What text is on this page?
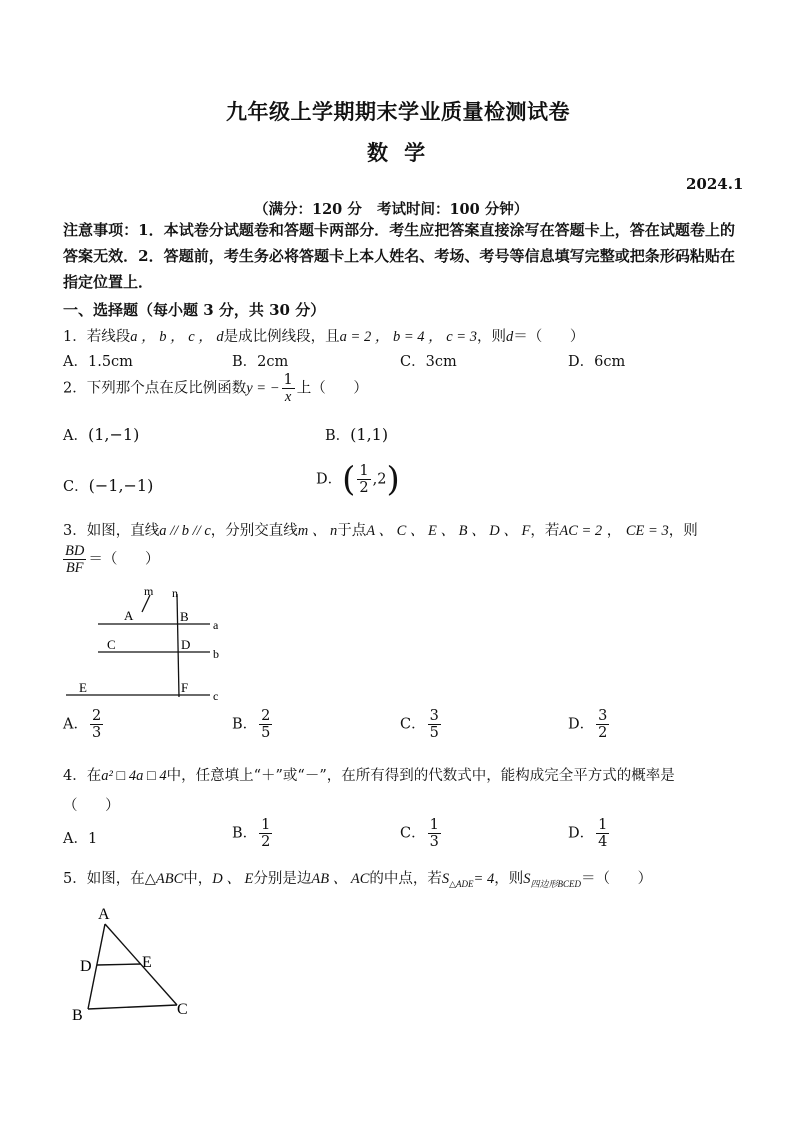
九年级上学期期末学业质量检测试卷
数  学
2024.1
（满分：120 分   考试时间：100 分钟）
注意事项：1．本试卷分试题卷和答题卡两部分．考生应把答案直接涂写在答题卡上，答在试题卷上的答案无效．2．答题前，考生务必将答题卡上本人姓名、考场、考号等信息填写完整或把条形码粘贴在指定位置上．
一、选择题（每小题 3 分，共 30 分）
1．若线段a ， b ， c ， d是成比例线段，且a = 2 ， b = 4 ， c = 3，则d＝（      ）
A．1.5cm	B．2cm	C．3cm	D．6cm
2．下列那个点在反比例函数y = − $\frac{1}{x}$ 上（      ）
A．(1,−1)	B．(1,1)
C．(−1,−1)	D．( $\frac{1}{2} ,2$)
3．如图，直线a // b // c，分别交直线m 、 n于点A 、 C 、 E 、 B 、 D 、 F，若AC = 2 ， CE = 3，则
$\frac{BD}{BF}$ ＝（      ）
m n
A	B
a
C	D
b
E	F
c
A． $\frac{2}{3}$	B． $\frac{2}{5}$	C． $\frac{3}{5}$	D． $\frac{3}{2}$
4．在a² □ 4a □ 4中，任意填上“＋”或“－”，在所有得到的代数式中，能构成完全平方式的概率是
（      ）
A．1	B． $\frac{1}{2}$	C． $\frac{1}{3}$	D． $\frac{1}{4}$
5．如图，在△ABC中，D 、 E分别是边AB 、 AC的中点，若$S_{\triangle ADE}= 4$，则$S_{四边形BCED}=$（      ）
A
D	E
B	C
